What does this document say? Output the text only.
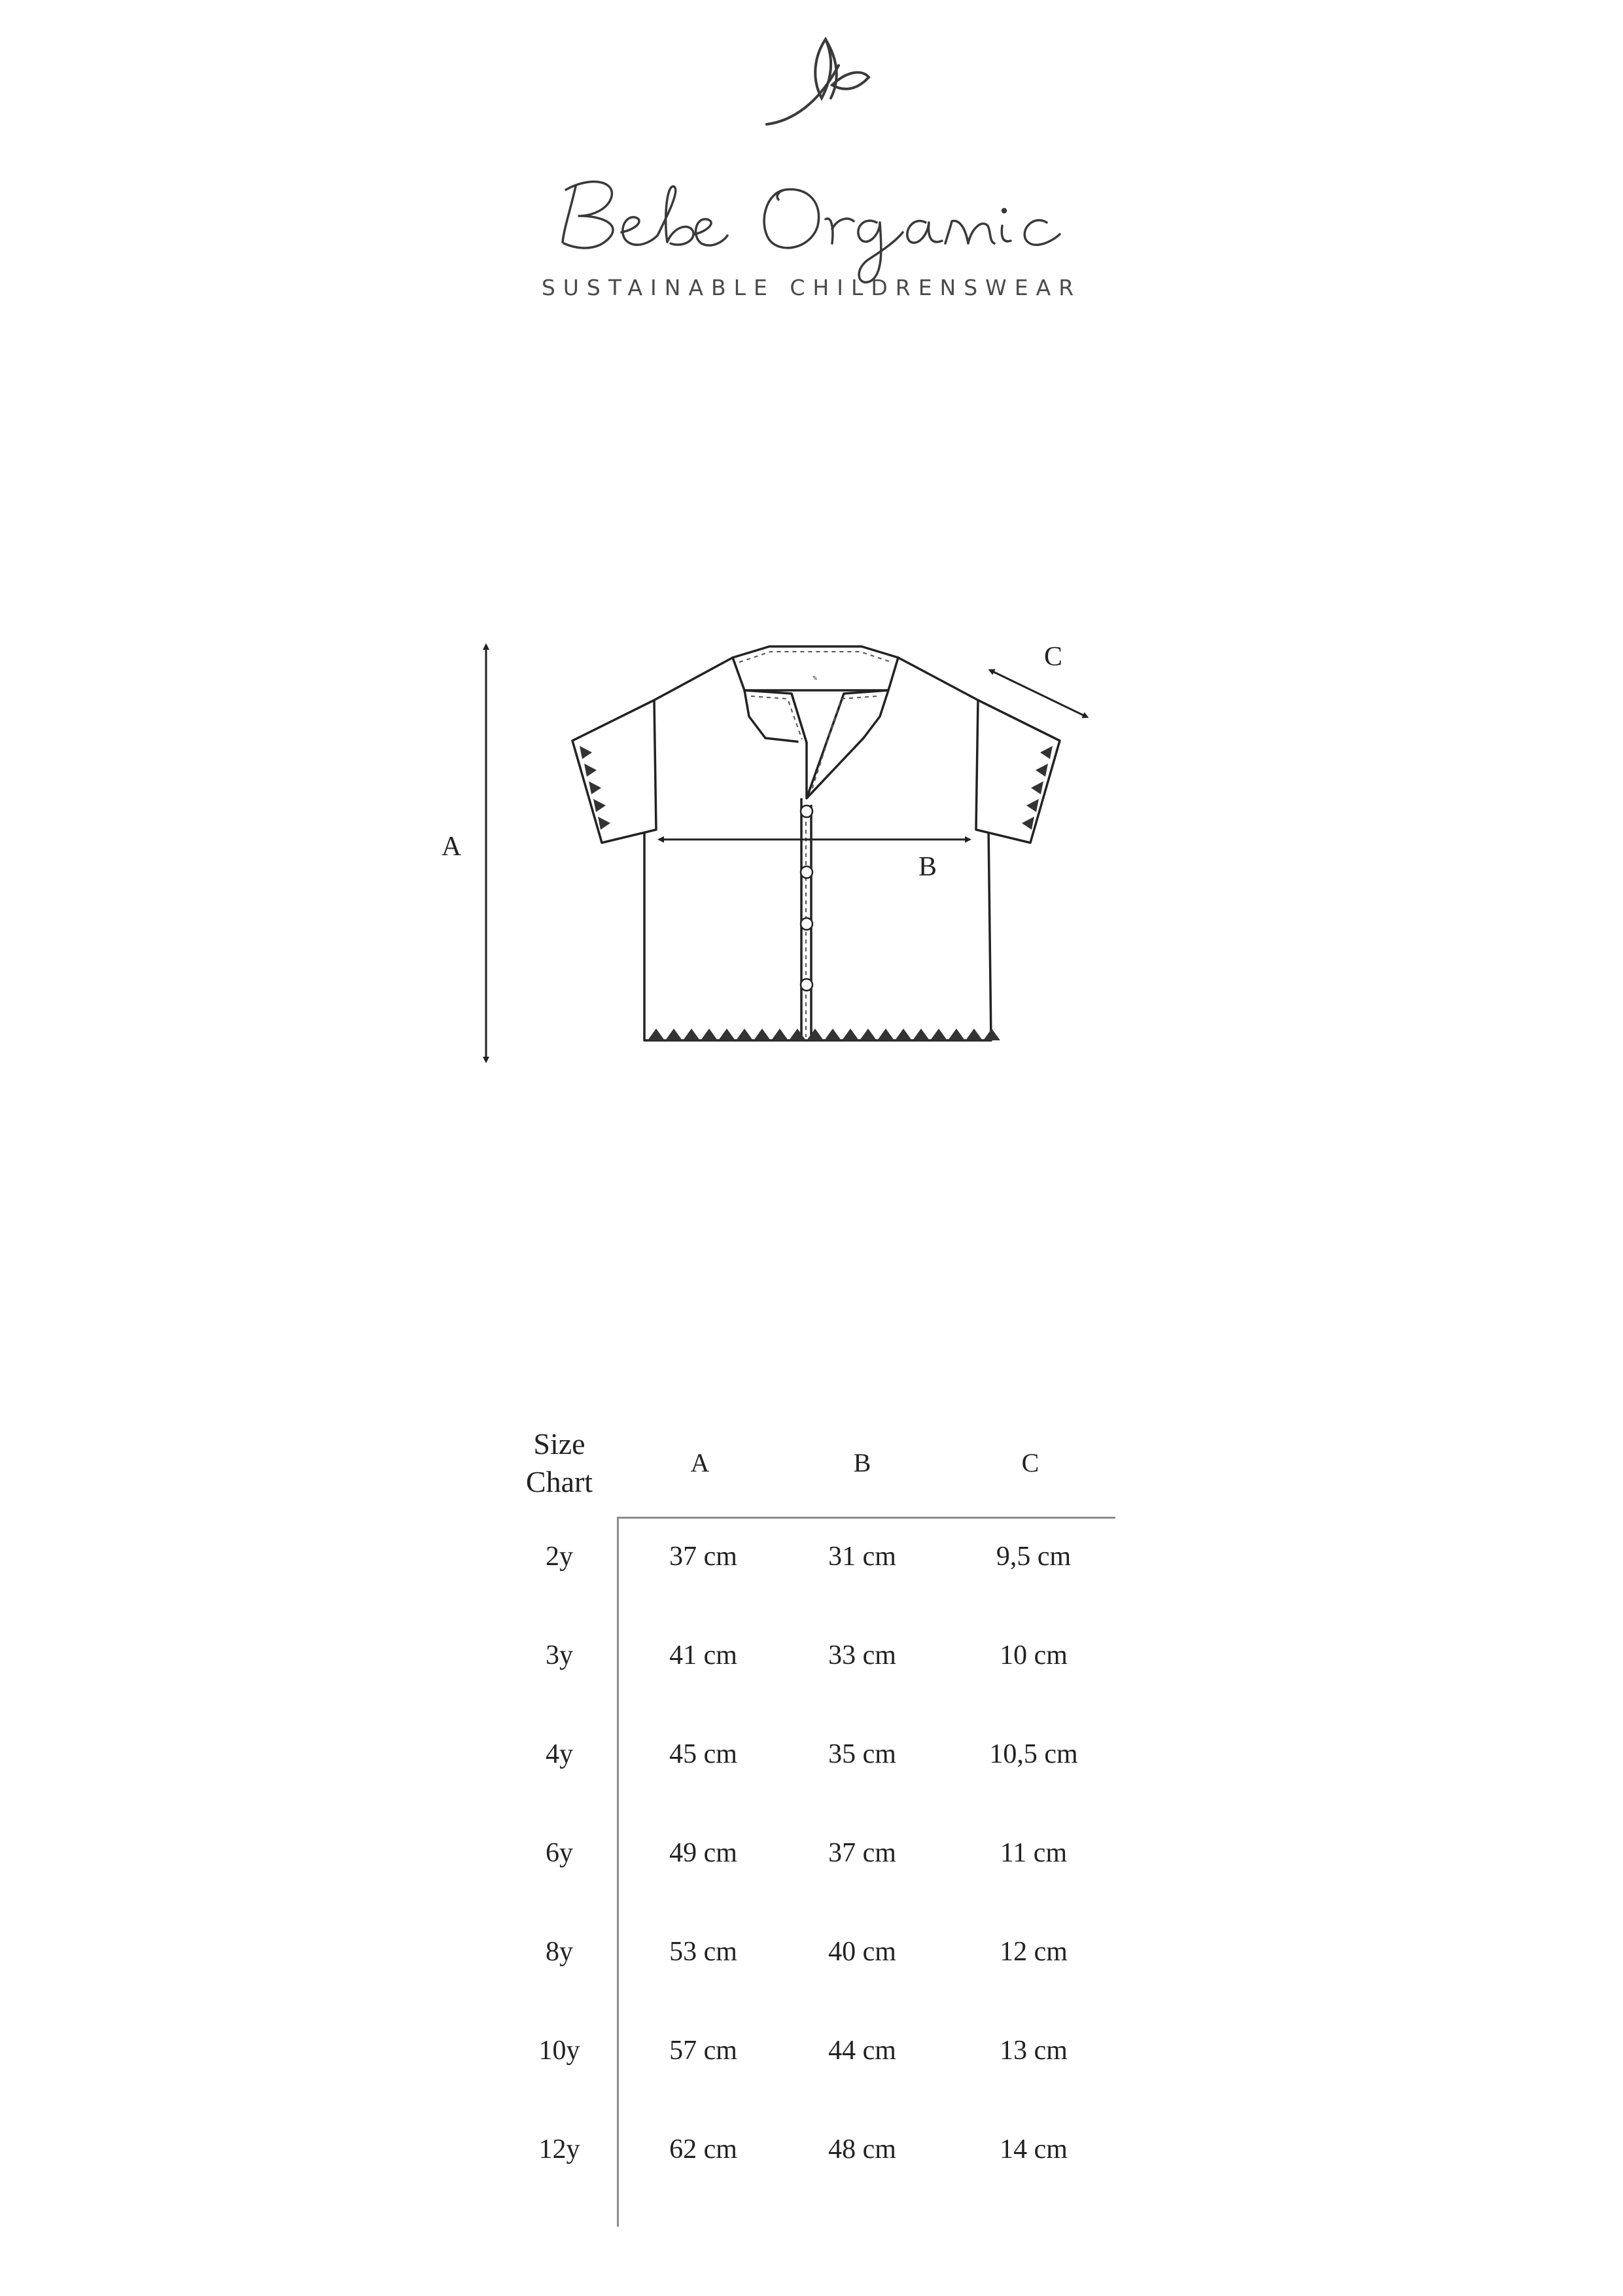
SUSTAINABLE CHILDRENSWEAR
✎
A
B
C
Size
Chart
A	B	C
2y	37 cm	31 cm	9,5 cm
3y	41 cm	33 cm	10 cm
4y	45 cm	35 cm	10,5 cm
6y	49 cm	37 cm	11 cm
8y	53 cm	40 cm	12 cm
10y	57 cm	44 cm	13 cm
12y	62 cm	48 cm	14 cm
